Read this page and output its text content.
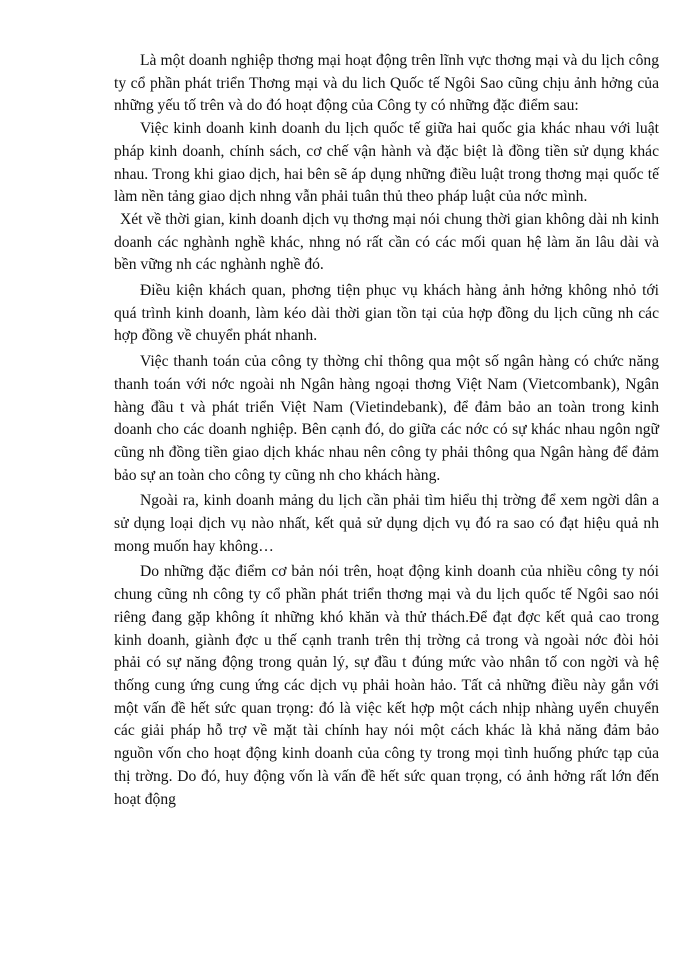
Là một doanh nghiệp thơng mại hoạt động trên lĩnh vực thơng mại và du lịch công ty cổ phần phát triển Thơng mại và du lich Quốc tế Ngôi Sao cũng chịu ảnh hởng của những yếu tố trên và do đó hoạt động của Công ty có những đặc điểm sau:

Việc kinh doanh kinh doanh du lịch quốc tế giữa hai quốc gia khác nhau với luật pháp kinh doanh, chính sách, cơ chế vận hành và đặc biệt là đồng tiền sử dụng khác nhau. Trong khi giao dịch, hai bên sẽ áp dụng những điều luật trong thơng mại quốc tế làm nền tảng giao dịch nhng vẫn phải tuân thủ theo pháp luật của nớc mình.

Xét về thời gian, kinh doanh dịch vụ thơng mại nói chung thời gian không dài nh kinh doanh các nghành nghề khác, nhng nó rất cần có các mối quan hệ làm ăn lâu dài và bền vững nh các nghành nghề đó.

Điều kiện khách quan, phơng tiện phục vụ khách hàng ảnh hởng không nhỏ tới quá trình kinh doanh, làm kéo dài thời gian tồn tại của hợp đồng du lịch cũng nh các hợp đồng về chuyển phát nhanh.

Việc thanh toán của công ty thờng chỉ thông qua một số ngân hàng có chức năng thanh toán với nớc ngoài nh Ngân hàng ngoại thơng Việt Nam (Vietcombank), Ngân hàng đầu t và phát triển Việt Nam (Vietindebank), để đảm bảo an toàn trong kinh doanh cho các doanh nghiệp. Bên cạnh đó, do giữa các nớc có sự khác nhau ngôn ngữ cũng nh đồng tiền giao dịch khác nhau nên công ty phải thông qua Ngân hàng để đảm bảo sự an toàn cho công ty cũng nh cho khách hàng.

Ngoài ra, kinh doanh mảng du lịch cần phải tìm hiểu thị trờng để xem ngời dân a sử dụng loại dịch vụ nào nhất, kết quả sử dụng dịch vụ đó ra sao có đạt hiệu quả nh mong muốn hay không…

Do những đặc điểm cơ bản nói trên, hoạt động kinh doanh của nhiều công ty nói chung cũng nh công ty cổ phần phát triển thơng mại và du lịch quốc tế Ngôi sao nói riêng đang gặp không ít những khó khăn và thử thách.Để đạt đợc kết quả cao trong kinh doanh, giành đợc u thế cạnh tranh trên thị trờng cả trong và ngoài nớc đòi hỏi phải có sự năng động trong quản lý, sự đầu t đúng mức vào nhân tố con ngời và hệ thống cung ứng cung ứng các dịch vụ phải hoàn hảo. Tất cả những điều này gắn với một vấn đề hết sức quan trọng: đó là việc kết hợp một cách nhịp nhàng uyển chuyển các giải pháp hỗ trợ về mặt tài chính hay nói một cách khác là khả năng đảm bảo nguồn vốn cho hoạt động kinh doanh của công ty trong mọi tình huống phức tạp của thị trờng. Do đó, huy động vốn là vấn đề hết sức quan trọng, có ảnh hởng rất lớn đến hoạt động
